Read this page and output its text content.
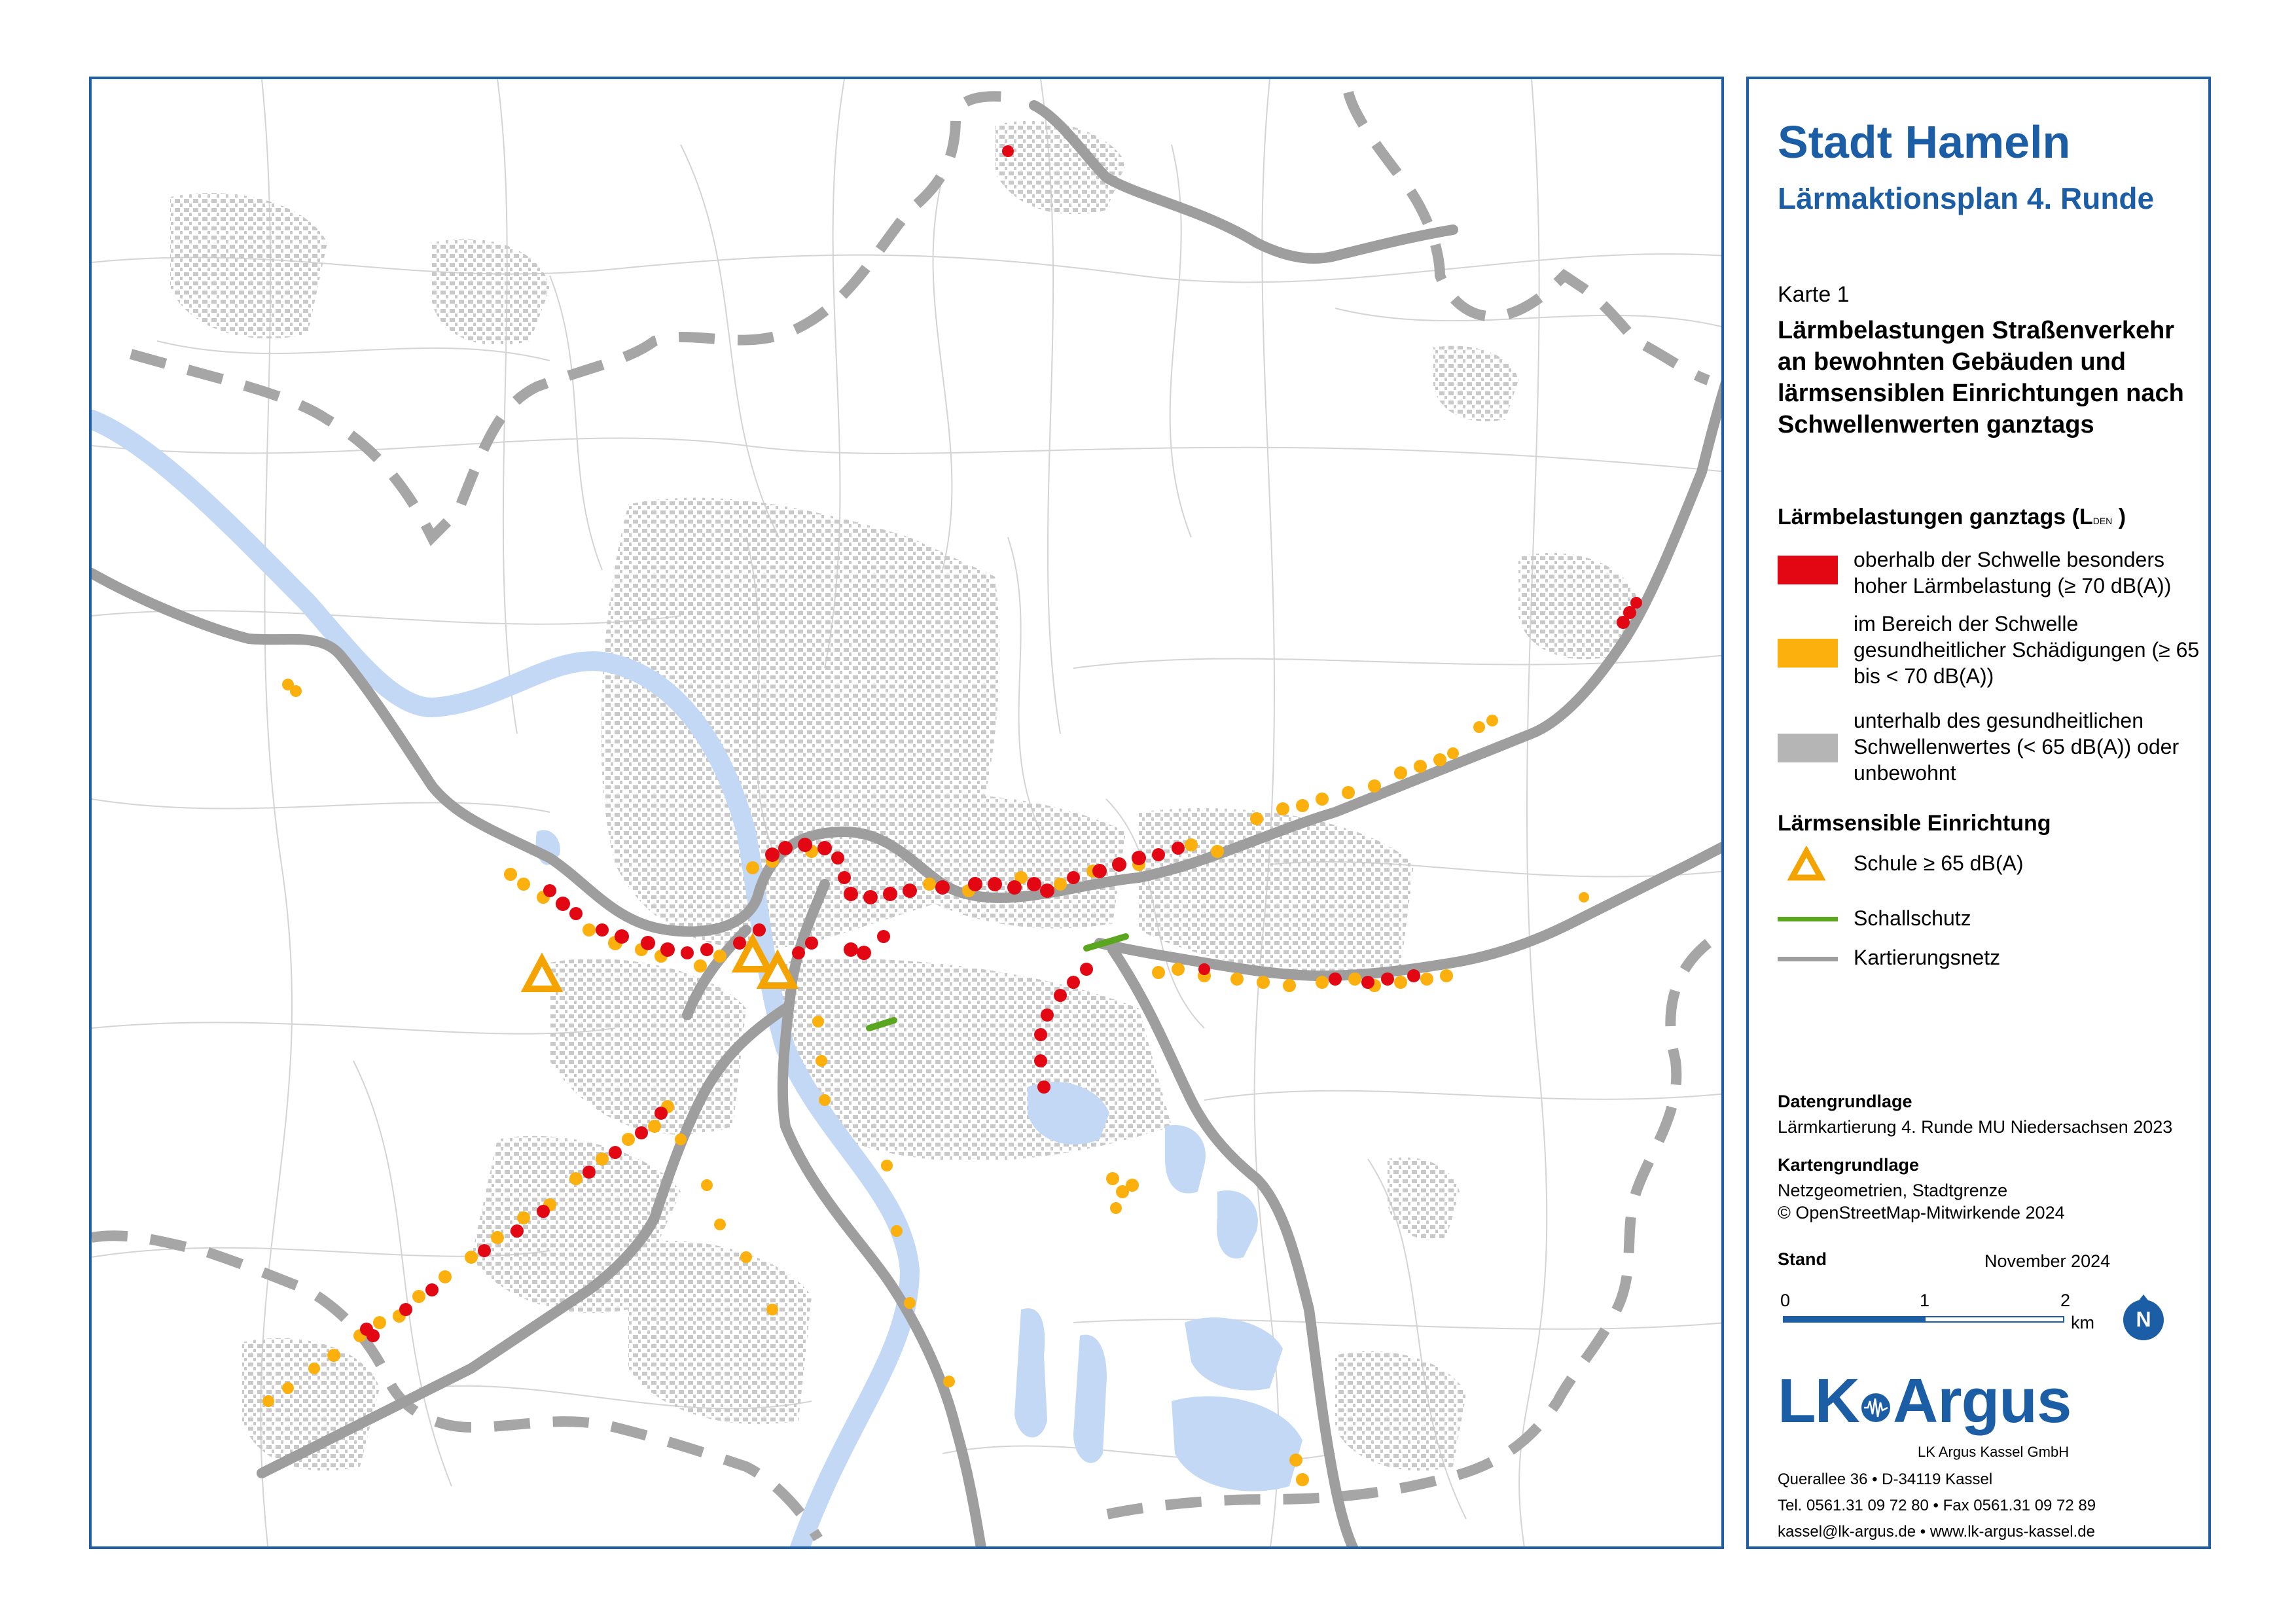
Stadt Hameln
Lärmaktionsplan 4. Runde
Karte 1
Lärmbelastungen Straßenverkehr an bewohnten Gebäuden und lärmsensiblen Einrichtungen nach Schwellenwerten ganztags
Lärmbelastungen ganztags (LDEN )
oberhalb der Schwelle besonders hoher Lärmbelastung (≥ 70 dB(A))
im Bereich der Schwelle gesundheitlicher Schädigungen (≥ 65 bis < 70 dB(A))
unterhalb des gesundheitlichen Schwellenwertes (< 65 dB(A)) oder unbewohnt
Lärmsensible Einrichtung
Schule ≥ 65 dB(A)
Schallschutz
Kartierungsnetz
Datengrundlage
Lärmkartierung 4. Runde MU Niedersachsen 2023
Kartengrundlage
Netzgeometrien, Stadtgrenze
© OpenStreetMap-Mitwirkende 2024
Stand	November 2024
0	1	2
km	N
LK Argus
LK Argus Kassel GmbH
Querallee 36 • D-34119 Kassel
Tel. 0561.31 09 72 80 • Fax 0561.31 09 72 89
kassel@lk-argus.de • www.lk-argus-kassel.de
